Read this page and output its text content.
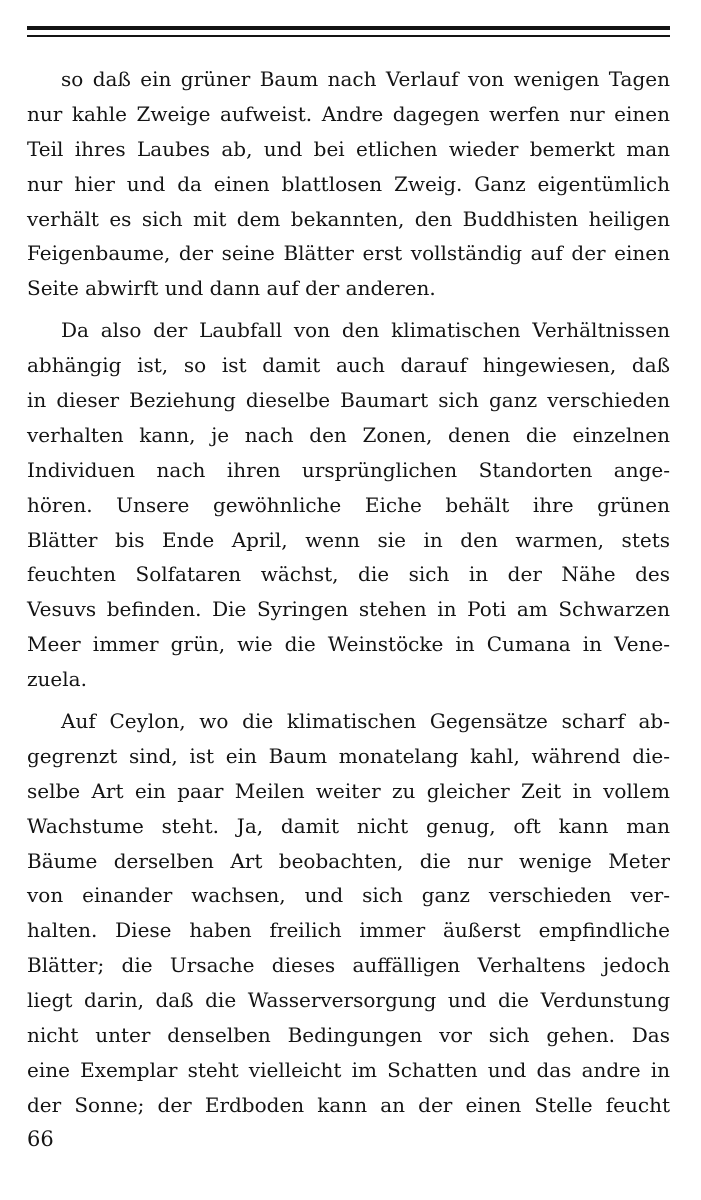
so daß ein grüner Baum nach Verlauf von wenigen Tagen
nur kahle Zweige aufweist. Andre dagegen werfen nur einen
Teil ihres Laubes ab, und bei etlichen wieder bemerkt man
nur hier und da einen blattlosen Zweig. Ganz eigentümlich
verhält es sich mit dem bekannten, den Buddhisten heiligen
Feigenbaume, der seine Blätter erst vollständig auf der einen
Seite abwirft und dann auf der anderen.
Da also der Laubfall von den klimatischen Verhältnissen
abhängig ist, so ist damit auch darauf hingewiesen, daß
in dieser Beziehung dieselbe Baumart sich ganz verschieden
verhalten kann, je nach den Zonen, denen die einzelnen
Individuen nach ihren ursprünglichen Standorten ange-
hören. Unsere gewöhnliche Eiche behält ihre grünen
Blätter bis Ende April, wenn sie in den warmen, stets
feuchten Solfataren wächst, die sich in der Nähe des
Vesuvs befinden. Die Syringen stehen in Poti am Schwarzen
Meer immer grün, wie die Weinstöcke in Cumana in Vene-
zuela.
Auf Ceylon, wo die klimatischen Gegensätze scharf ab-
gegrenzt sind, ist ein Baum monatelang kahl, während die-
selbe Art ein paar Meilen weiter zu gleicher Zeit in vollem
Wachstume steht. Ja, damit nicht genug, oft kann man
Bäume derselben Art beobachten, die nur wenige Meter
von einander wachsen, und sich ganz verschieden ver-
halten. Diese haben freilich immer äußerst empfindliche
Blätter; die Ursache dieses auffälligen Verhaltens jedoch
liegt darin, daß die Wasserversorgung und die Verdunstung
nicht unter denselben Bedingungen vor sich gehen. Das
eine Exemplar steht vielleicht im Schatten und das andre in
der Sonne; der Erdboden kann an der einen Stelle feucht
66
